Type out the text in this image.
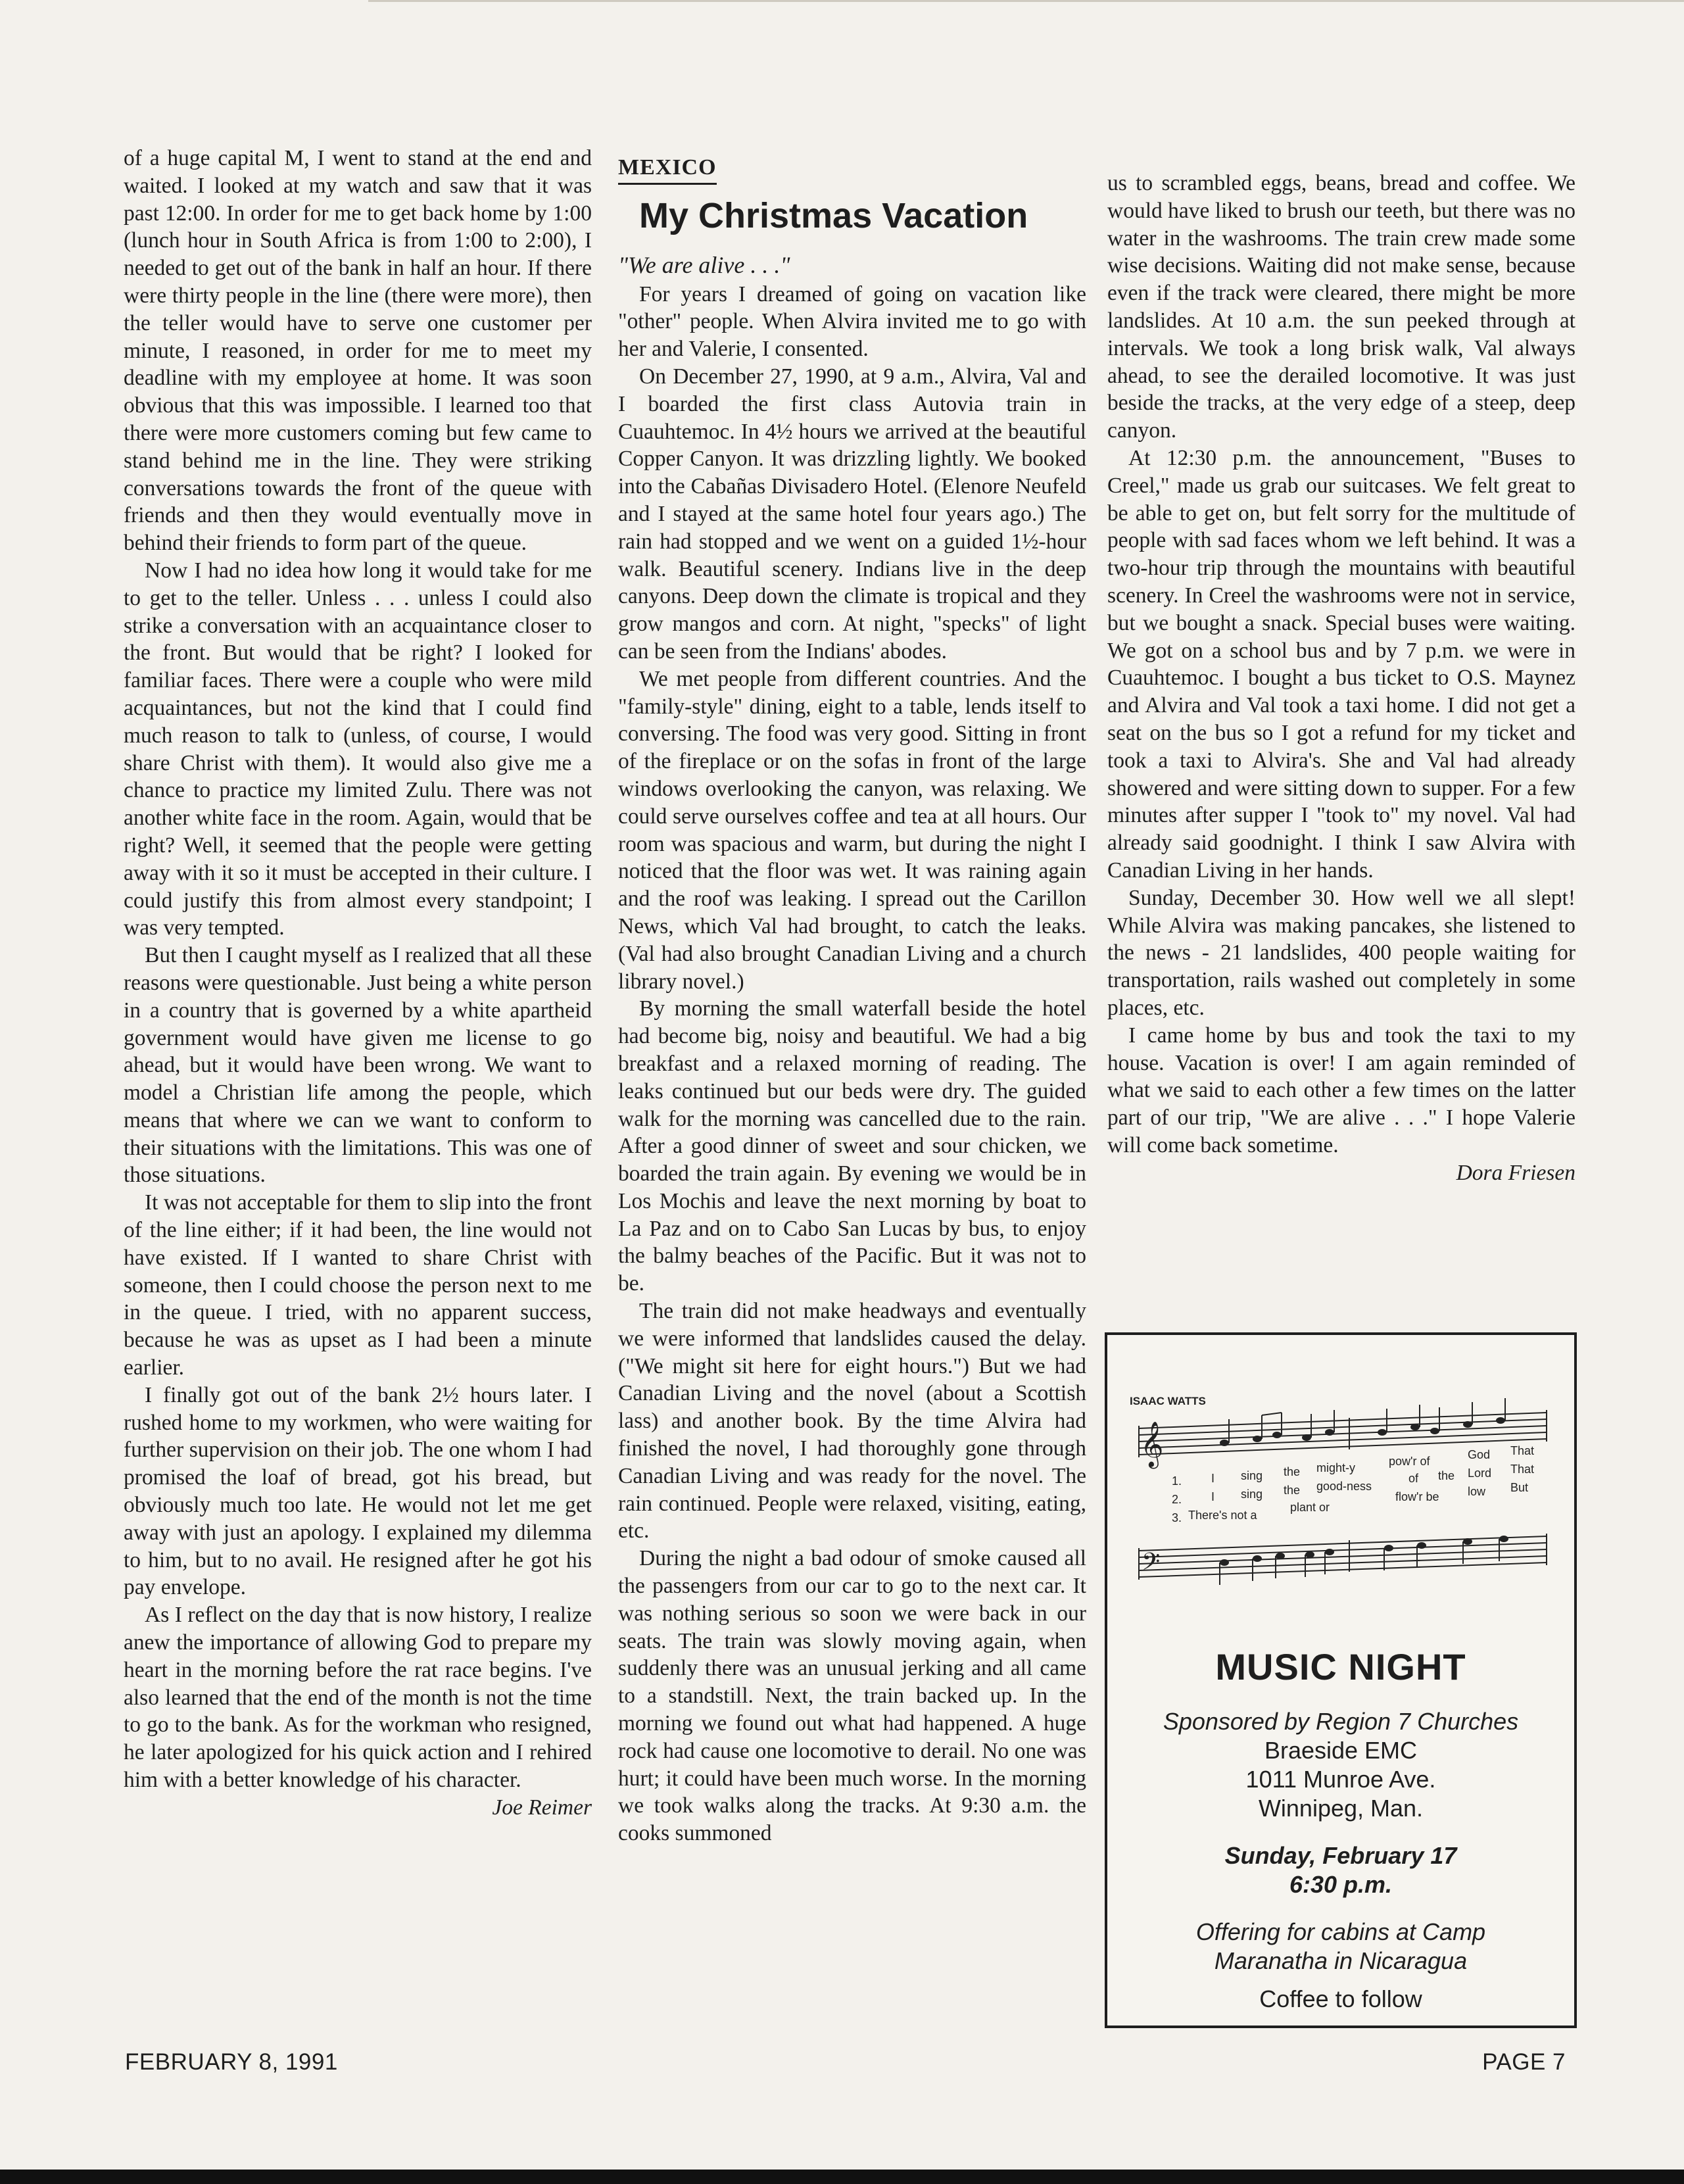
of a huge capital M, I went to stand at the end and waited. I looked at my watch and saw that it was past 12:00. In order for me to get back home by 1:00 (lunch hour in South Africa is from 1:00 to 2:00), I needed to get out of the bank in half an hour. If there were thirty people in the line (there were more), then the teller would have to serve one customer per minute, I reasoned, in order for me to meet my deadline with my employee at home. It was soon obvious that this was impossible. I learned too that there were more customers coming but few came to stand behind me in the line. They were striking conversations towards the front of the queue with friends and then they would eventually move in behind their friends to form part of the queue.

Now I had no idea how long it would take for me to get to the teller. Unless . . . unless I could also strike a conversation with an acquaintance closer to the front. But would that be right? I looked for familiar faces. There were a couple who were mild acquaintances, but not the kind that I could find much reason to talk to (unless, of course, I would share Christ with them). It would also give me a chance to practice my limited Zulu. There was not another white face in the room. Again, would that be right? Well, it seemed that the people were getting away with it so it must be accepted in their culture. I could justify this from almost every standpoint; I was very tempted.

But then I caught myself as I realized that all these reasons were questionable. Just being a white person in a country that is governed by a white apartheid government would have given me license to go ahead, but it would have been wrong. We want to model a Christian life among the people, which means that where we can we want to conform to their situations with the limitations. This was one of those situations.

It was not acceptable for them to slip into the front of the line either; if it had been, the line would not have existed. If I wanted to share Christ with someone, then I could choose the person next to me in the queue. I tried, with no apparent success, because he was as upset as I had been a minute earlier.

I finally got out of the bank 2½ hours later. I rushed home to my workmen, who were waiting for further supervision on their job. The one whom I had promised the loaf of bread, got his bread, but obviously much too late. He would not let me get away with just an apology. I explained my dilemma to him, but to no avail. He resigned after he got his pay envelope.

As I reflect on the day that is now history, I realize anew the importance of allowing God to prepare my heart in the morning before the rat race begins. I've also learned that the end of the month is not the time to go to the bank. As for the workman who resigned, he later apologized for his quick action and I rehired him with a better knowledge of his character.

Joe Reimer
MEXICO
My Christmas Vacation
"We are alive . . ."

For years I dreamed of going on vacation like "other" people. When Alvira invited me to go with her and Valerie, I consented.

On December 27, 1990, at 9 a.m., Alvira, Val and I boarded the first class Autovia train in Cuauhtemoc. In 4½ hours we arrived at the beautiful Copper Canyon. It was drizzling lightly. We booked into the Cabañas Divisadero Hotel. (Elenore Neufeld and I stayed at the same hotel four years ago.) The rain had stopped and we went on a guided 1½-hour walk. Beautiful scenery. Indians live in the deep canyons. Deep down the climate is tropical and they grow mangos and corn. At night, "specks" of light can be seen from the Indians' abodes.

We met people from different countries. And the "family-style" dining, eight to a table, lends itself to conversing. The food was very good. Sitting in front of the fireplace or on the sofas in front of the large windows overlooking the canyon, was relaxing. We could serve ourselves coffee and tea at all hours. Our room was spacious and warm, but during the night I noticed that the floor was wet. It was raining again and the roof was leaking. I spread out the Carillon News, which Val had brought, to catch the leaks. (Val had also brought Canadian Living and a church library novel.)

By morning the small waterfall beside the hotel had become big, noisy and beautiful. We had a big breakfast and a relaxed morning of reading. The leaks continued but our beds were dry. The guided walk for the morning was cancelled due to the rain. After a good dinner of sweet and sour chicken, we boarded the train again. By evening we would be in Los Mochis and leave the next morning by boat to La Paz and on to Cabo San Lucas by bus, to enjoy the balmy beaches of the Pacific. But it was not to be.

The train did not make headways and eventually we were informed that landslides caused the delay. ("We might sit here for eight hours.") But we had Canadian Living and the novel (about a Scottish lass) and another book. By the time Alvira had finished the novel, I had thoroughly gone through Canadian Living and was ready for the novel. The rain continued. People were relaxed, visiting, eating, etc.

During the night a bad odour of smoke caused all the passengers from our car to go to the next car. It was nothing serious so soon we were back in our seats. The train was slowly moving again, when suddenly there was an unusual jerking and all came to a standstill. Next, the train backed up. In the morning we found out what had happened. A huge rock had cause one locomotive to derail. No one was hurt; it could have been much worse. In the morning we took walks along the tracks. At 9:30 a.m. the cooks summoned

us to scrambled eggs, beans, bread and coffee. We would have liked to brush our teeth, but there was no water in the washrooms. The train crew made some wise decisions. Waiting did not make sense, because even if the track were cleared, there might be more landslides. At 10 a.m. the sun peeked through at intervals. We took a long brisk walk, Val always ahead, to see the derailed locomotive. It was just beside the tracks, at the very edge of a steep, deep canyon.

At 12:30 p.m. the announcement, "Buses to Creel," made us grab our suitcases. We felt great to be able to get on, but felt sorry for the multitude of people with sad faces whom we left behind. It was a two-hour trip through the mountains with beautiful scenery. In Creel the washrooms were not in service, but we bought a snack. Special buses were waiting. We got on a school bus and by 7 p.m. we were in Cuauhtemoc. I bought a bus ticket to O.S. Maynez and Alvira and Val took a taxi home. I did not get a seat on the bus so I got a refund for my ticket and took a taxi to Alvira's. She and Val had already showered and were sitting down to supper. For a few minutes after supper I "took to" my novel. Val had already said goodnight. I think I saw Alvira with Canadian Living in her hands.

Sunday, December 30. How well we all slept! While Alvira was making pancakes, she listened to the news - 21 landslides, 400 people waiting for transportation, rails washed out completely in some places, etc.

I came home by bus and took the taxi to my house. Vacation is over! I am again reminded of what we said to each other a few times on the latter part of our trip, "We are alive . . ." I hope Valerie will come back sometime.

Dora Friesen
ISAAC WATTS
𝄞
1.
2.
3.
I sing the might-y	pow'r of	God That
I sing the good-ness
of the Lord That
There's not a
plant or
flow'r be low But
𝄢
MUSIC NIGHT
Sponsored by Region 7 Churches
Braeside EMC
1011 Munroe Ave.
Winnipeg, Man.
Sunday, February 17
6:30 p.m.
Offering for cabins at Camp
Maranatha in Nicaragua
Coffee to follow
FEBRUARY 8, 1991	PAGE 7
